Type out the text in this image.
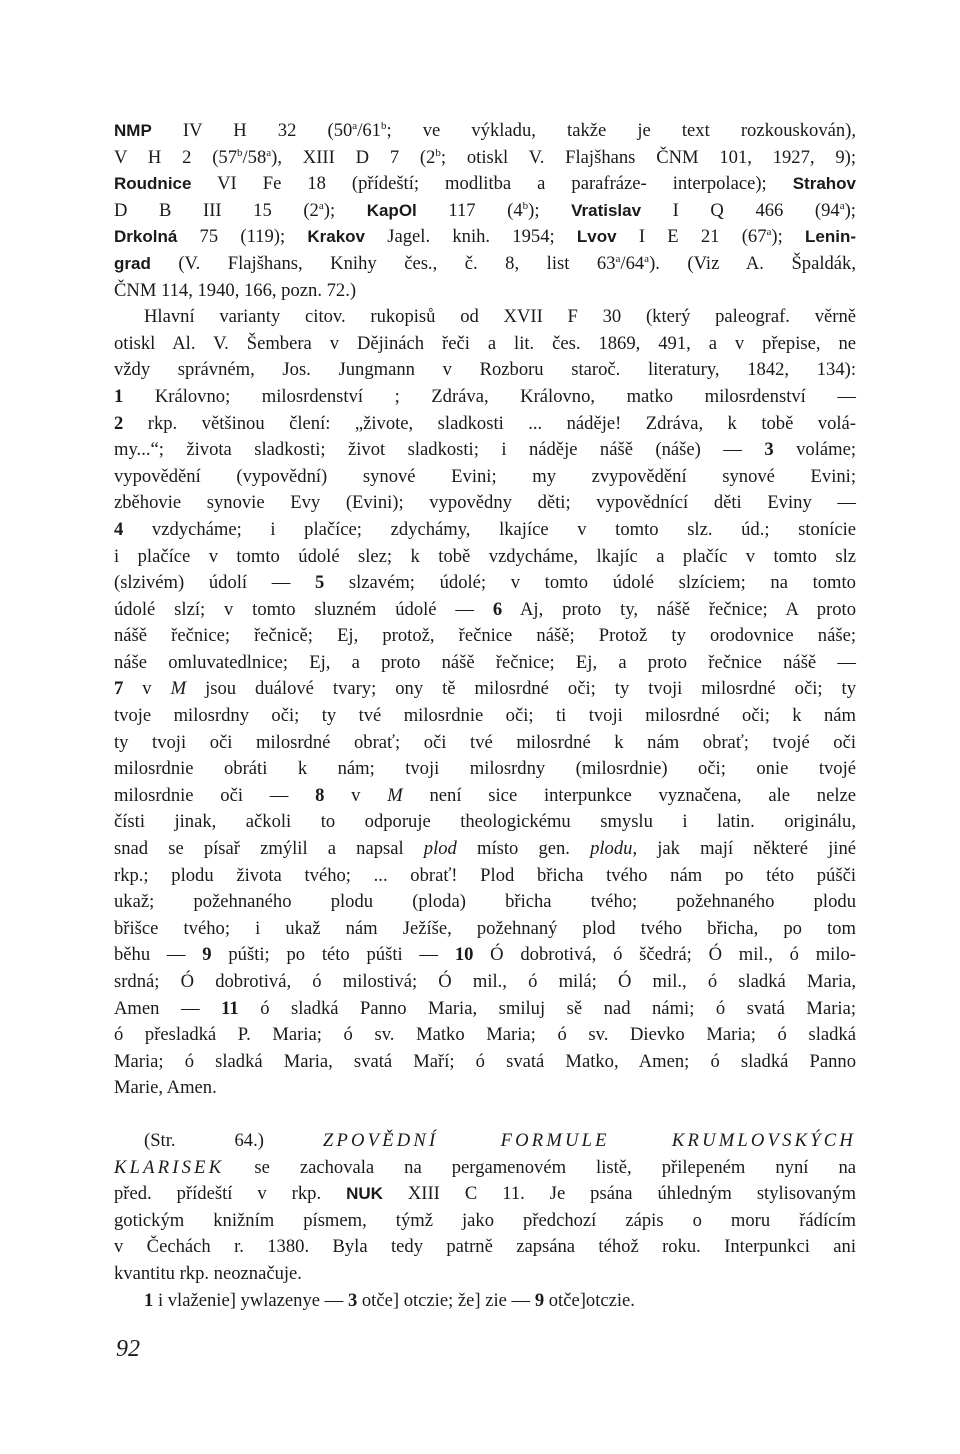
NMP IV H 32 (50$^a$/61$^b$; ve výkladu, takže je text rozkouskován),
V H 2 (57$^b$/58$^a$), XIII D 7 (2$^b$; otiskl V. Flajšhans ČNM 101, 1927, 9);
Roudnice VI Fe 18 (přídeští; modlitba a parafráze- interpolace); Strahov
D B III 15 (2$^a$); KapOl 117 (4$^b$); Vratislav I Q 466 (94$^a$);
Drkolná 75 (119); Krakov Jagel. knih. 1954; Lvov I E 21 (67$^a$); Lenin-
grad (V. Flajšhans, Knihy čes., č. 8, list 63$^a$/64$^a$). (Viz A. Špaldák,
ČNM 114, 1940, 166, pozn. 72.)
Hlavní varianty citov. rukopisů od XVII F 30 (který paleograf. věrně
otiskl Al. V. Šembera v Dějinách řeči a lit. čes. 1869, 491, a v přepise, ne
vždy správném, Jos. Jungmann v Rozboru staroč. literatury, 1842, 134):
1 Královno; milosrdenství ; Zdráva, Královno, matko milosrdenství —
2 rkp. většinou člení: „živote, sladkosti ... náděje! Zdráva, k tobě volá-
my...“; života sladkosti; život sladkosti; i náděje nášě (náše) — 3 voláme;
vypovědění (vypovědní) synové Evini; my zvypovědění synové Evini;
zběhovie synovie Evy (Evini); vypovědny děti; vypovědnící děti Eviny —
4 vzdycháme; i plačíce; zdychámy, lkajíce v tomto slz. úd.; stonície
i plačíce v tomto údolé slez; k tobě vzdycháme, lkajíc a plačíc v tomto slz
(slzivém) údolí — 5 slzavém; údolé; v tomto údolé slzíciem; na tomto
údolé slzí; v tomto sluzném údolé — 6 Aj, proto ty, nášě řečnice; A proto
nášě řečnice; řečnicě; Ej, protož, řečnice nášě; Protož ty orodovnice náše;
náše omluvatedlnice; Ej, a proto nášě řečnice; Ej, a proto řečnice nášě —
7 v M jsou duálové tvary; ony tě milosrdné oči; ty tvoji milosrdné oči; ty
tvoje milosrdny oči; ty tvé milosrdnie oči; ti tvoji milosrdné oči; k nám
ty tvoji oči milosrdné obrať; oči tvé milosrdné k nám obrať; tvojé oči
milosrdnie obráti k nám; tvoji milosrdny (milosrdnie) oči; onie tvojé
milosrdnie oči — 8 v M není sice interpunkce vyznačena, ale nelze
čísti jinak, ačkoli to odporuje theologickému smyslu i latin. originálu,
snad se písař zmýlil a napsal plod místo gen. plodu, jak mají některé jiné
rkp.; plodu života tvého; ... obrať! Plod břicha tvého nám po této púšči
ukaž; požehnaného plodu (ploda) břicha tvého; požehnaného plodu
břišce tvého; i ukaž nám Ježíše, požehnaný plod tvého břicha, po tom
běhu — 9 púšti; po této púšti — 10 Ó dobrotivá, ó ščedrá; Ó mil., ó milo-
srdná; Ó dobrotivá, ó milostivá; Ó mil., ó milá; Ó mil., ó sladká Maria,
Amen — 11 ó sladká Panno Maria, smiluj sě nad námi; ó svatá Maria;
ó přesladká P. Maria; ó sv. Matko Maria; ó sv. Dievko Maria; ó sladká
Maria; ó sladká Maria, svatá Maří; ó svatá Matko, Amen; ó sladká Panno
Marie, Amen.
(Str. 64.) ZPOVĚDNÍ FORMULE KRUMLOVSKÝCH
KLARISEK se zachovala na pergamenovém listě, přilepeném nyní na
před. přídeští v rkp. NUK XIII C 11. Je psána úhledným stylisovaným
gotickým knižním písmem, týmž jako předchozí zápis o moru řádícím
v Čechách r. 1380. Byla tedy patrně zapsána téhož roku. Interpunkci ani
kvantitu rkp. neoznačuje.
1 i vlaženie] ywlazenye — 3 otče] otczie; že] zie — 9 otče]otczie.
92
